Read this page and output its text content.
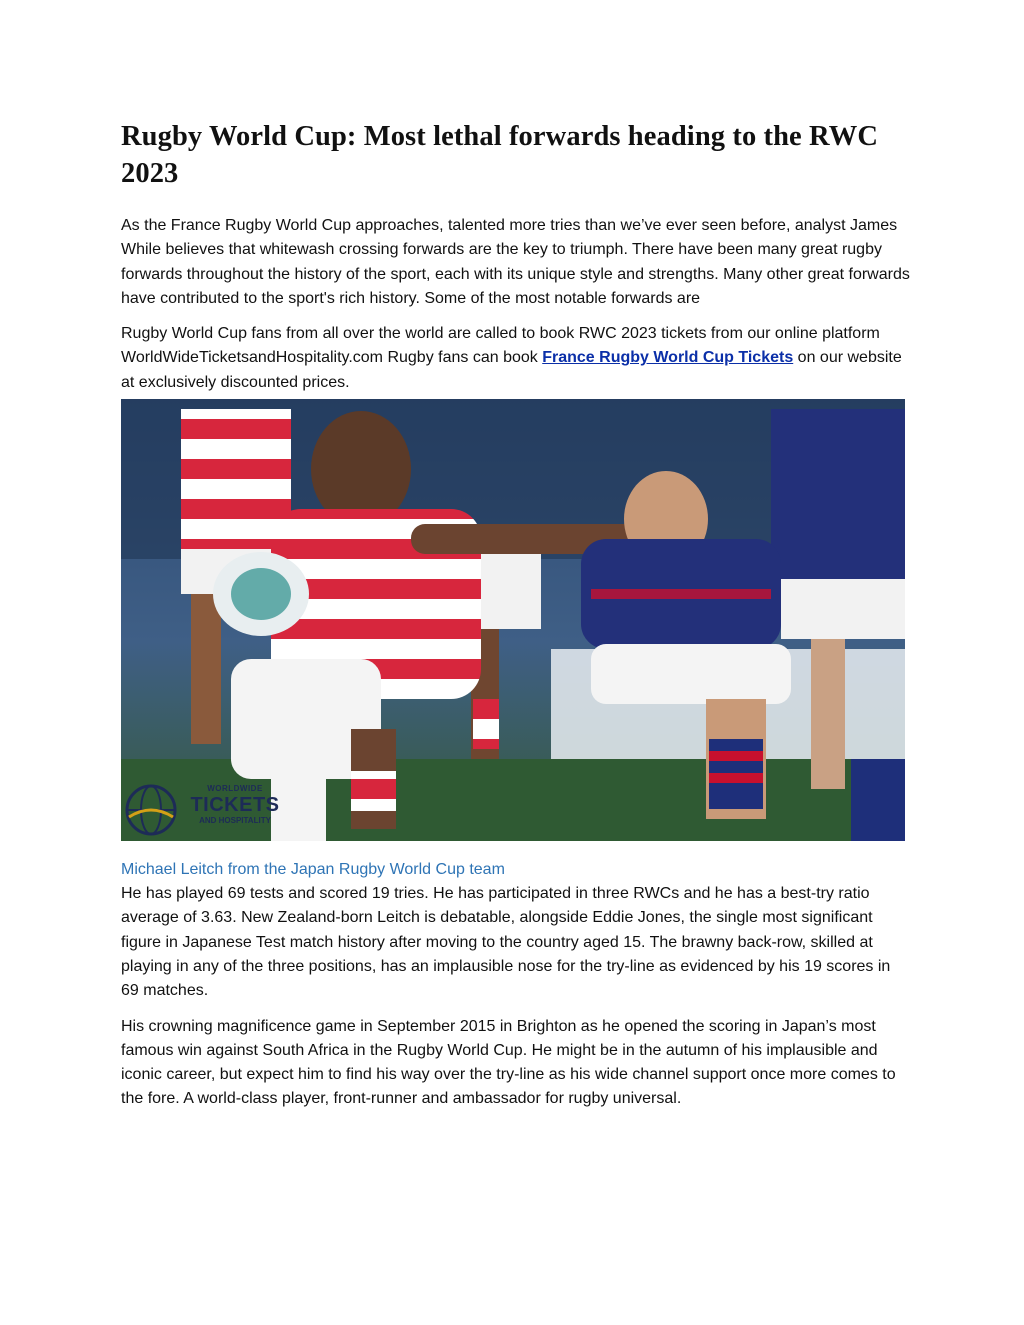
Rugby World Cup: Most lethal forwards heading to the RWC 2023

As the France Rugby World Cup approaches, talented more tries than we’ve ever seen before, analyst James While believes that whitewash crossing forwards are the key to triumph. There have been many great rugby forwards throughout the history of the sport, each with its unique style and strengths. Many other great forwards have contributed to the sport's rich history. Some of the most notable forwards are

Rugby World Cup fans from all over the world are called to book RWC 2023 tickets from our online platform WorldWideTicketsandHospitality.com Rugby fans can book France Rugby World Cup Tickets on our website at exclusively discounted prices.

WORLDWIDE
TICKETS
AND HOSPITALITY
Michael Leitch from the Japan Rugby World Cup team

He has played 69 tests and scored 19 tries. He has participated in three RWCs and he has a best-try ratio average of 3.63. New Zealand-born Leitch is debatable, alongside Eddie Jones, the single most significant figure in Japanese Test match history after moving to the country aged 15. The brawny back-row, skilled at playing in any of the three positions, has an implausible nose for the try-line as evidenced by his 19 scores in 69 matches.

His crowning magnificence game in September 2015 in Brighton as he opened the scoring in Japan’s most famous win against South Africa in the Rugby World Cup. He might be in the autumn of his implausible and iconic career, but expect him to find his way over the try-line as his wide channel support once more comes to the fore. A world-class player, front-runner and ambassador for rugby universal.
